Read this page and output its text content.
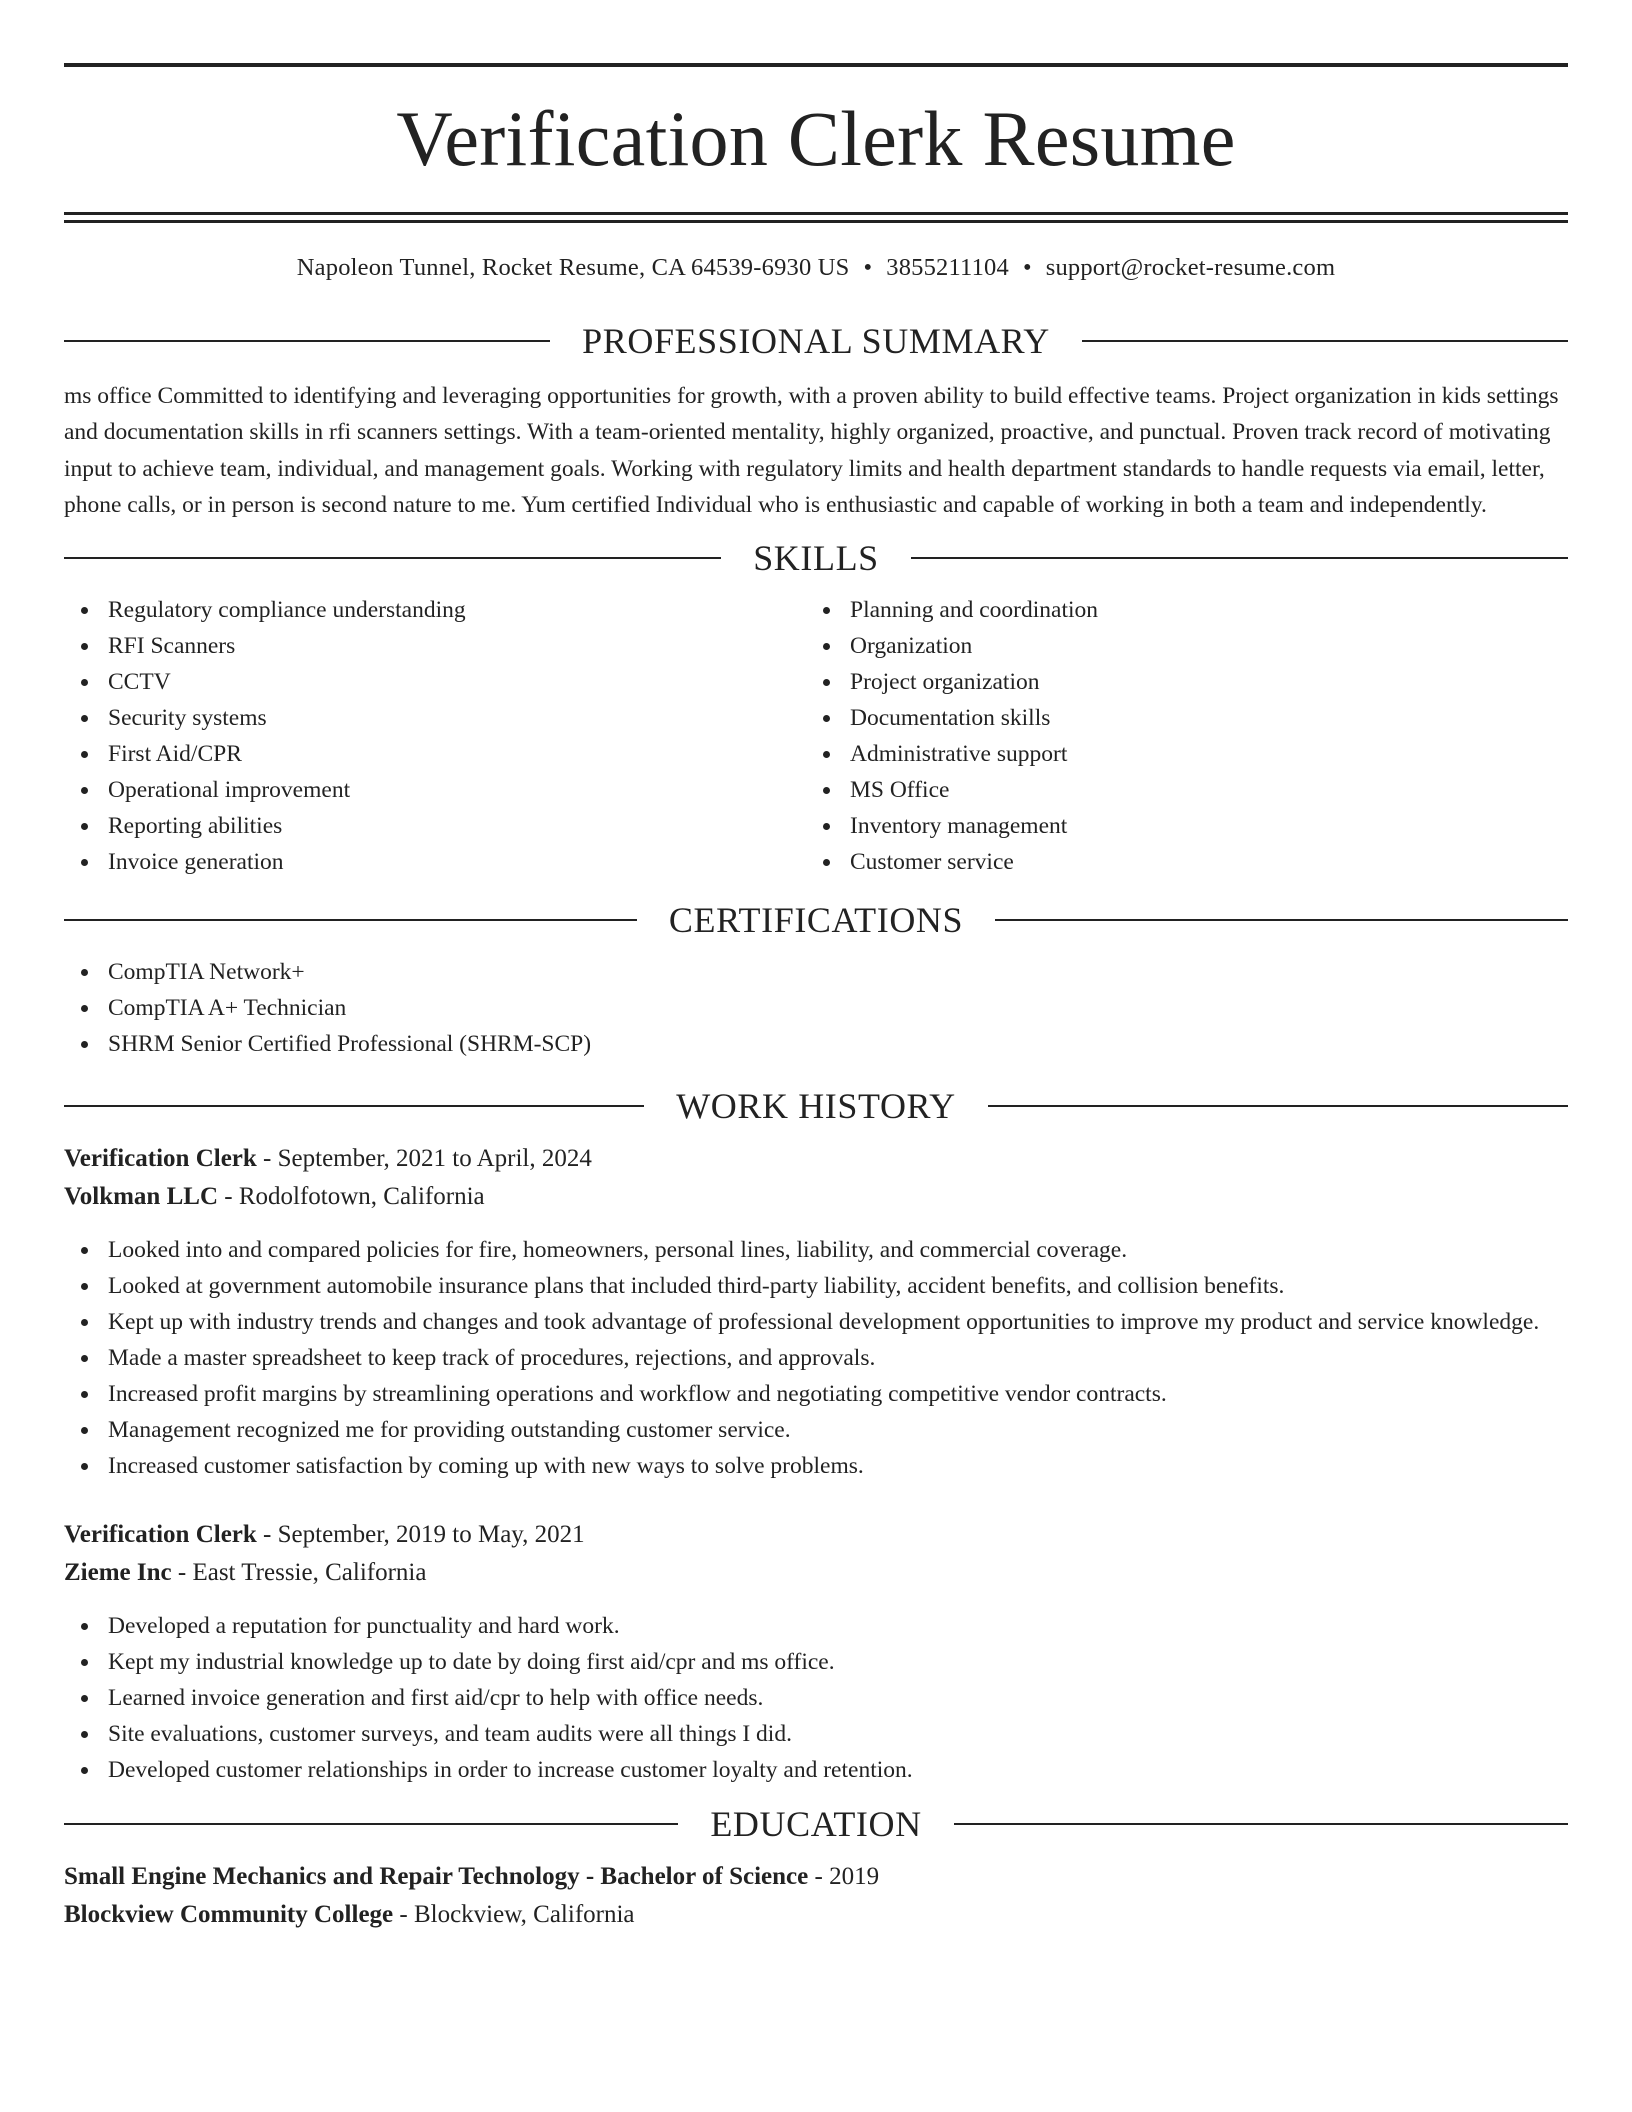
Verification Clerk Resume
Napoleon Tunnel, Rocket Resume, CA 64539-6930 US • 3855211104 • support@rocket-resume.com
PROFESSIONAL SUMMARY

ms office Committed to identifying and leveraging opportunities for growth, with a proven ability to build effective teams. Project organization in kids settings and documentation skills in rfi scanners settings. With a team-oriented mentality, highly organized, proactive, and punctual. Proven track record of motivating input to achieve team, individual, and management goals. Working with regulatory limits and health department standards to handle requests via email, letter, phone calls, or in person is second nature to me. Yum certified Individual who is enthusiastic and capable of working in both a team and independently.

SKILLS
Regulatory compliance understanding
RFI Scanners
CCTV
Security systems
First Aid/CPR
Operational improvement
Reporting abilities
Invoice generation
Planning and coordination
Organization
Project organization
Documentation skills
Administrative support
MS Office
Inventory management
Customer service
CERTIFICATIONS
CompTIA Network+
CompTIA A+ Technician
SHRM Senior Certified Professional (SHRM-SCP)
WORK HISTORY
Verification Clerk - September, 2021 to April, 2024
Volkman LLC - Rodolfotown, California
Looked into and compared policies for fire, homeowners, personal lines, liability, and commercial coverage.
Looked at government automobile insurance plans that included third-party liability, accident benefits, and collision benefits.
Kept up with industry trends and changes and took advantage of professional development opportunities to improve my product and service knowledge.
Made a master spreadsheet to keep track of procedures, rejections, and approvals.
Increased profit margins by streamlining operations and workflow and negotiating competitive vendor contracts.
Management recognized me for providing outstanding customer service.
Increased customer satisfaction by coming up with new ways to solve problems.
Verification Clerk - September, 2019 to May, 2021
Zieme Inc - East Tressie, California
Developed a reputation for punctuality and hard work.
Kept my industrial knowledge up to date by doing first aid/cpr and ms office.
Learned invoice generation and first aid/cpr to help with office needs.
Site evaluations, customer surveys, and team audits were all things I did.
Developed customer relationships in order to increase customer loyalty and retention.
EDUCATION
Small Engine Mechanics and Repair Technology - Bachelor of Science - 2019
Blockview Community College - Blockview, California
